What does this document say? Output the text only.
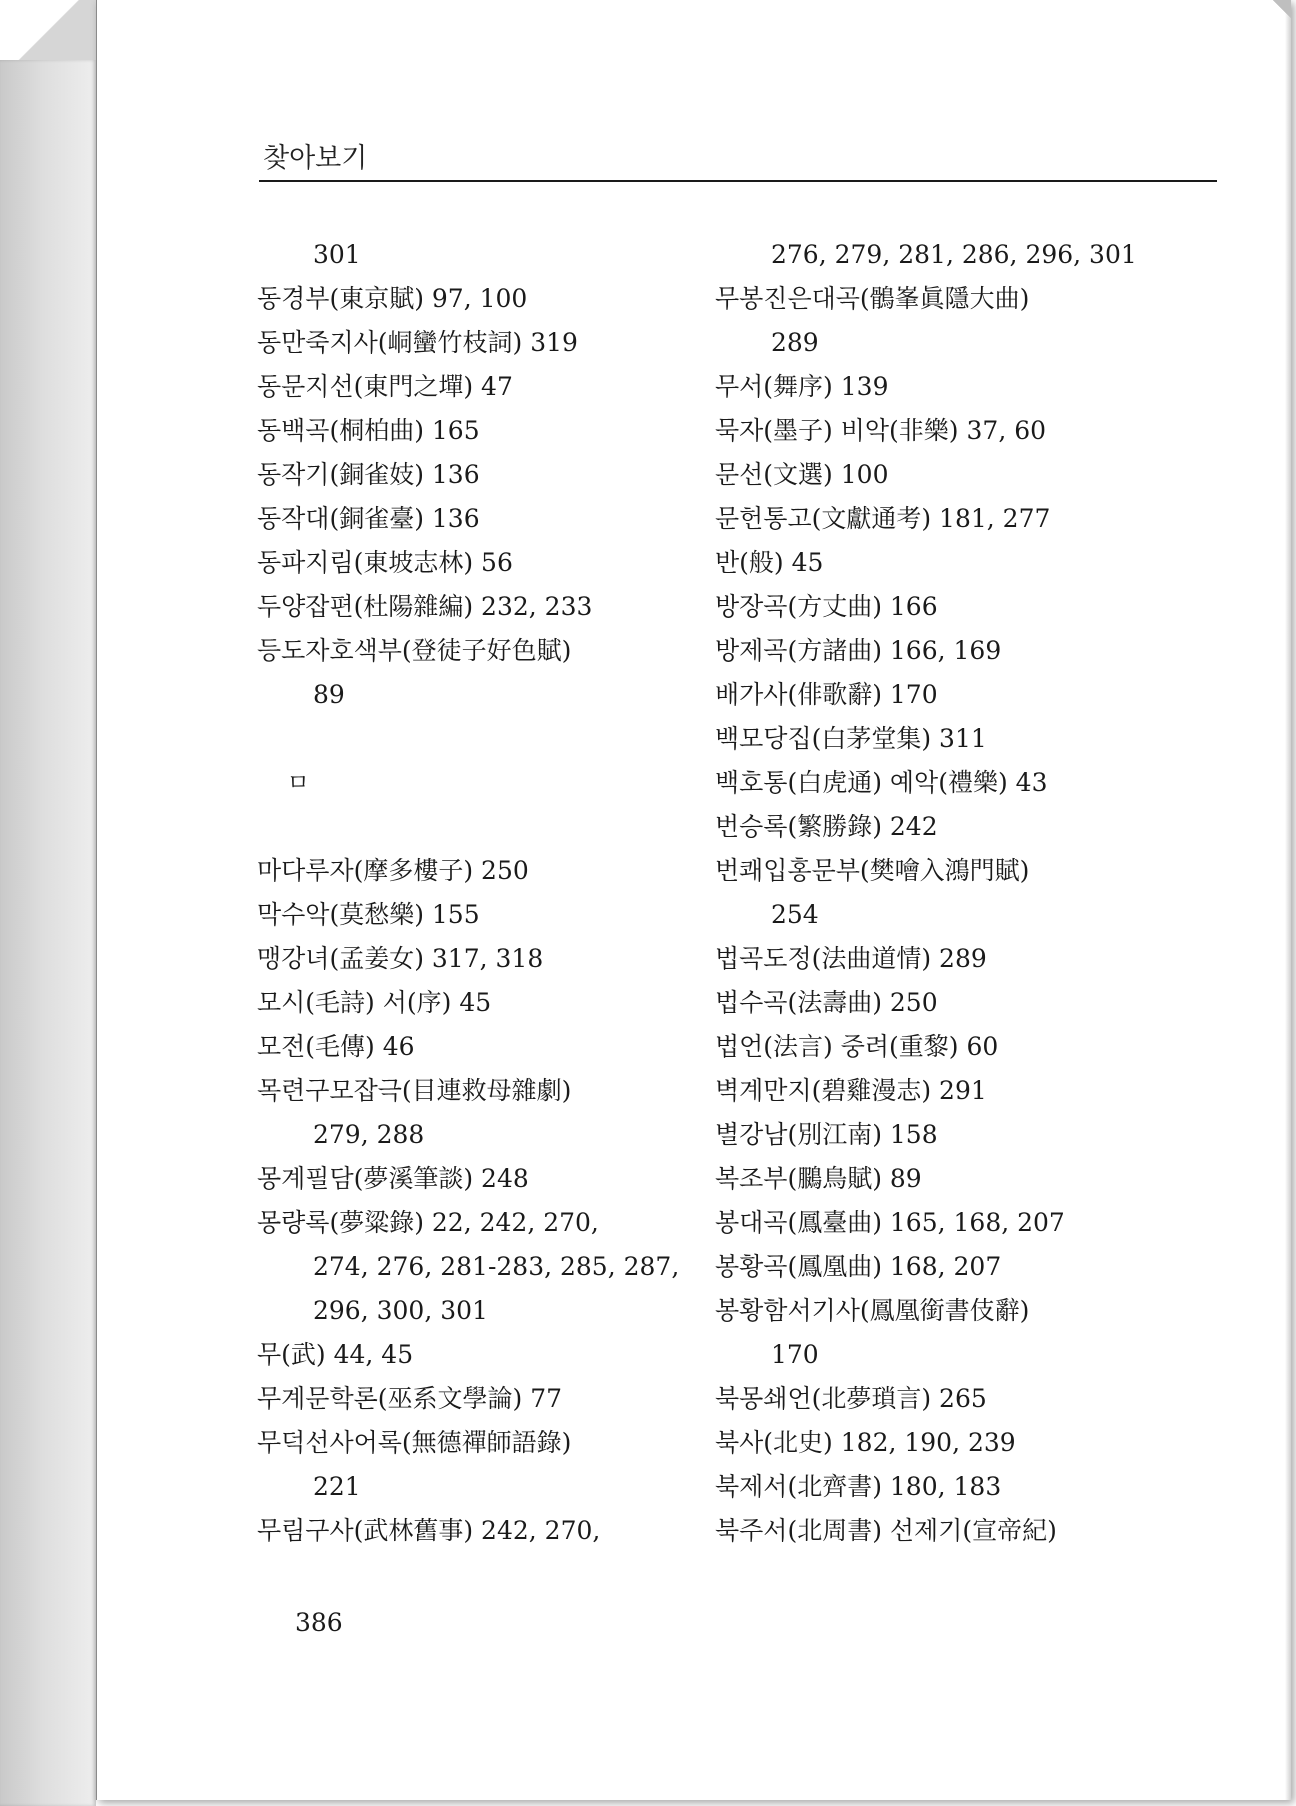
찾아보기
301
동경부(東京賦) 97, 100
동만죽지사(峒蠻竹枝詞) 319
동문지선(東門之墠) 47
동백곡(桐柏曲) 165
동작기(銅雀妓) 136
동작대(銅雀臺) 136
동파지림(東坡志林) 56
두양잡편(杜陽雜編) 232, 233
등도자호색부(登徒子好色賦)
89
ㅁ
마다루자(摩多樓子) 250
막수악(莫愁樂) 155
맹강녀(孟姜女) 317, 318
모시(毛詩) 서(序) 45
모전(毛傳) 46
목련구모잡극(目連救母雜劇)
279, 288
몽계필담(夢溪筆談) 248
몽량록(夢粱錄) 22, 242, 270,
274, 276, 281-283, 285, 287,
296, 300, 301
무(武) 44, 45
무계문학론(巫系文學論) 77
무덕선사어록(無德禪師語錄)
221
무림구사(武林舊事) 242, 270,
276, 279, 281, 286, 296, 301
무봉진은대곡(鶻峯眞隱大曲)
289
무서(舞序) 139
묵자(墨子) 비악(非樂) 37, 60
문선(文選) 100
문헌통고(文獻通考) 181, 277
반(般) 45
방장곡(方丈曲) 166
방제곡(方諸曲) 166, 169
배가사(俳歌辭) 170
백모당집(白茅堂集) 311
백호통(白虎通) 예악(禮樂) 43
번승록(繁勝錄) 242
번쾌입홍문부(樊噲入鴻門賦)
254
법곡도정(法曲道情) 289
법수곡(法壽曲) 250
법언(法言) 중려(重黎) 60
벽계만지(碧雞漫志) 291
별강남(別江南) 158
복조부(鵩鳥賦) 89
봉대곡(鳳臺曲) 165, 168, 207
봉황곡(鳳凰曲) 168, 207
봉황함서기사(鳳凰銜書伎辭)
170
북몽쇄언(北夢瑣言) 265
북사(北史) 182, 190, 239
북제서(北齊書) 180, 183
북주서(北周書) 선제기(宣帝紀)
386
